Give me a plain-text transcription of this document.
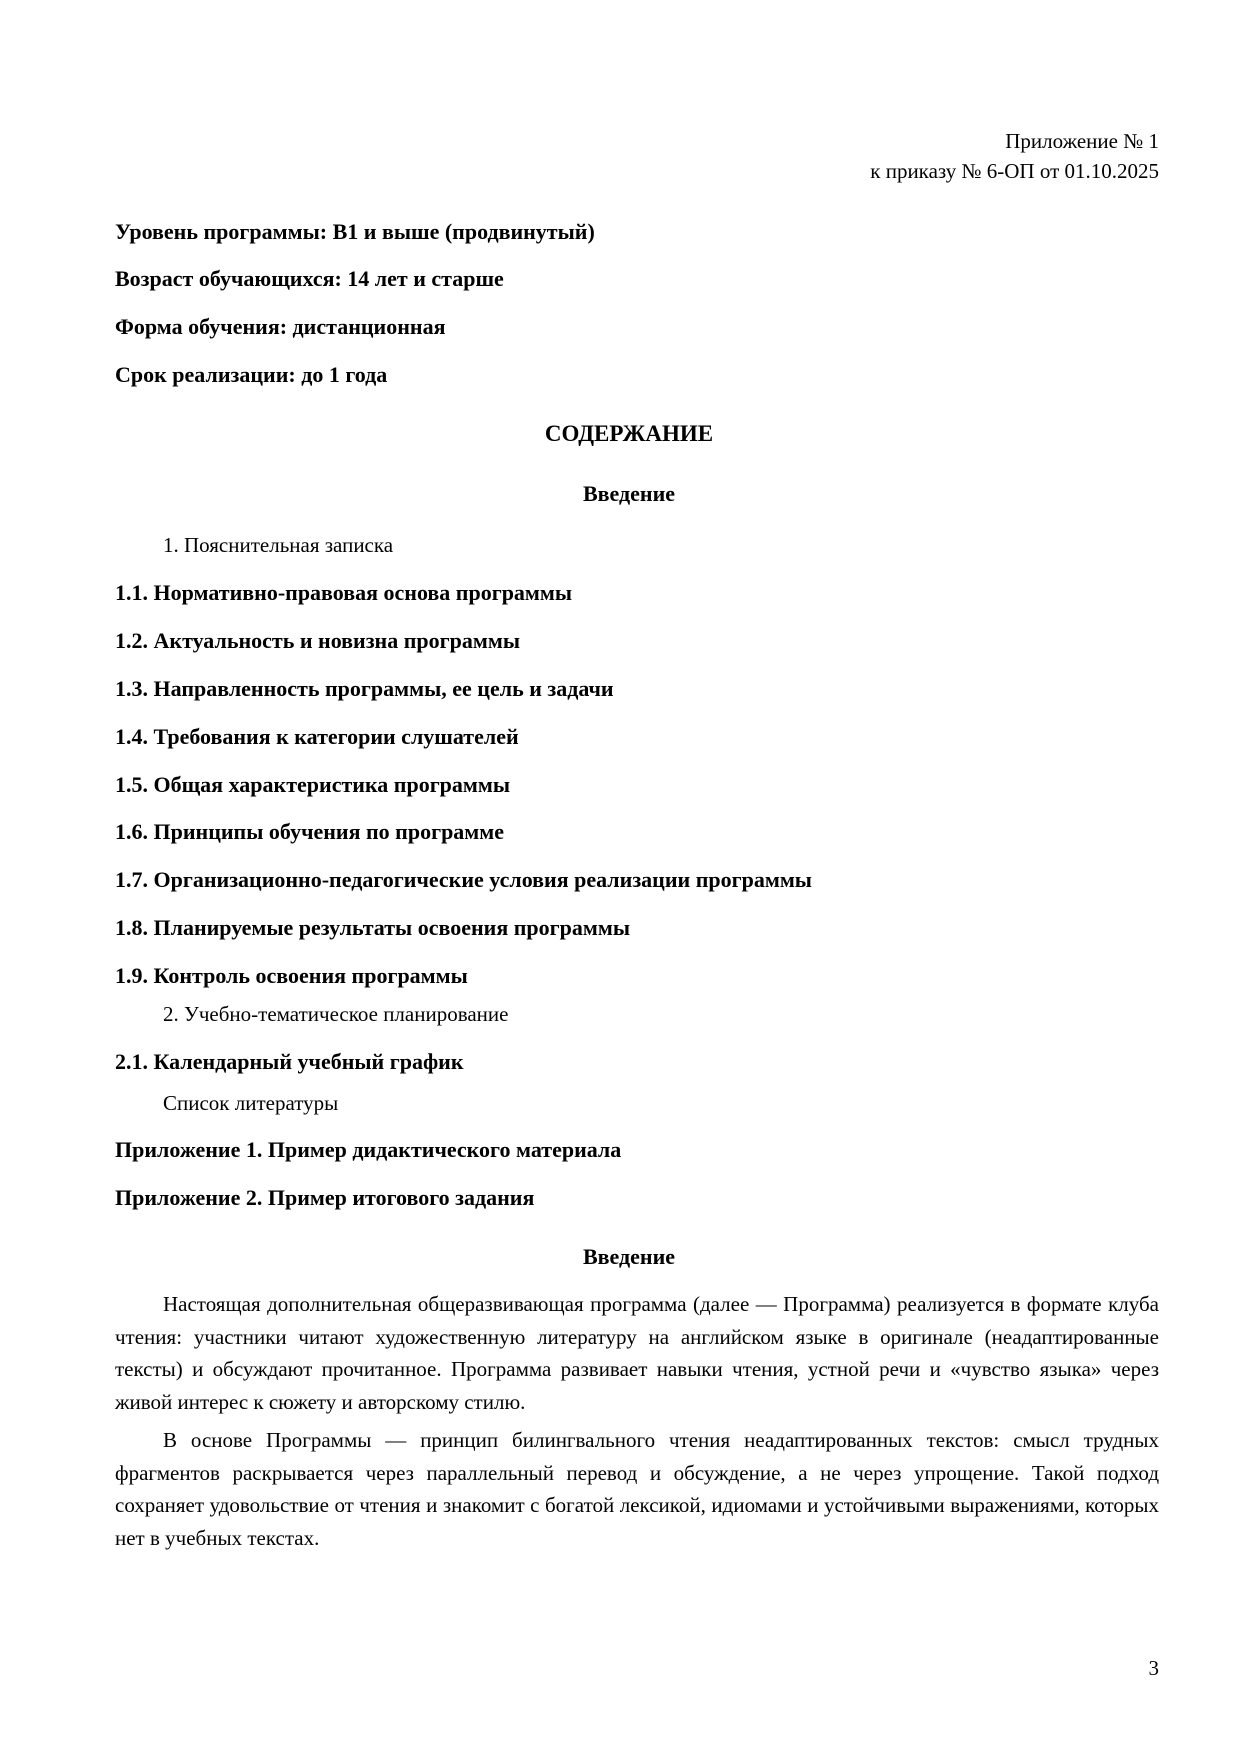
Приложение № 1
к приказу № 6-ОП от 01.10.2025
Уровень программы: B1 и выше (продвинутый)
Возраст обучающихся: 14 лет и старше
Форма обучения: дистанционная
Срок реализации: до 1 года
СОДЕРЖАНИЕ
Введение
1. Пояснительная записка
1.1. Нормативно-правовая основа программы
1.2. Актуальность и новизна программы
1.3. Направленность программы, ее цель и задачи
1.4. Требования к категории слушателей
1.5. Общая характеристика программы
1.6. Принципы обучения по программе
1.7. Организационно-педагогические условия реализации программы
1.8. Планируемые результаты освоения программы
1.9. Контроль освоения программы
2. Учебно-тематическое планирование
2.1. Календарный учебный график
Список литературы
Приложение 1. Пример дидактического материала
Приложение 2. Пример итогового задания
Введение

Настоящая дополнительная общеразвивающая программа (далее — Программа) реализуется в формате клуба чтения: участники читают художественную литературу на английском языке в оригинале (неадаптированные тексты) и обсуждают прочитанное. Программа развивает навыки чтения, устной речи и «чувство языка» через живой интерес к сюжету и авторскому стилю.

В основе Программы — принцип билингвального чтения неадаптированных текстов: смысл трудных фрагментов раскрывается через параллельный перевод и обсуждение, а не через упрощение. Такой подход сохраняет удовольствие от чтения и знакомит с богатой лексикой, идиомами и устойчивыми выражениями, которых нет в учебных текстах.

3
